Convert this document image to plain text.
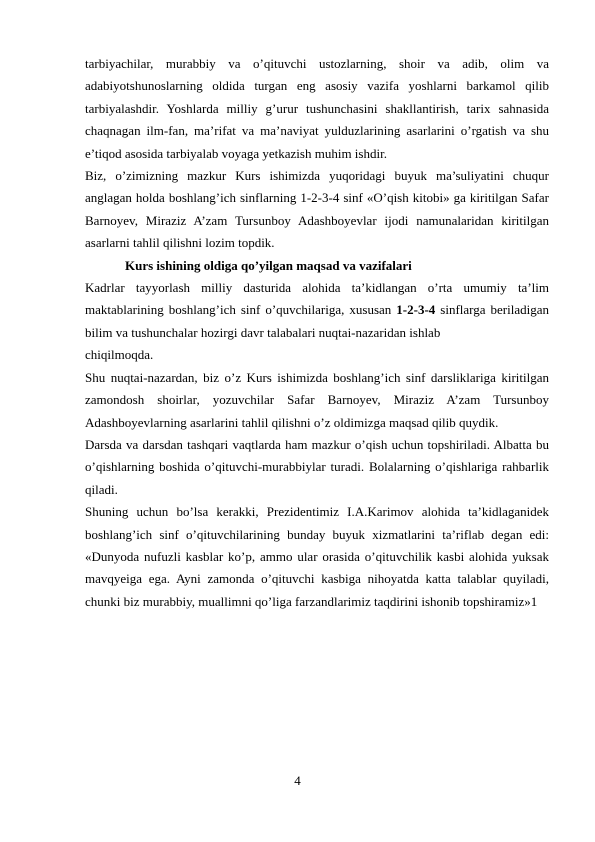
tarbiyachilar, murabbiy va o’qituvchi ustozlarning, shoir va adib, olim va adabiyotshunoslarning oldida turgan eng asosiy vazifa yoshlarni barkamol qilib tarbiyalashdir. Yoshlarda milliy g’urur tushunchasini shakllantirish, tarix sahnasida chaqnagan ilm-fan, ma’rifat va ma’naviyat yulduzlarining asarlarini o’rgatish va shu e’tiqod asosida tarbiyalab voyaga yetkazish muhim ishdir.

Biz, o’zimizning mazkur Kurs ishimizda yuqoridagi buyuk ma’suliyatini chuqur anglagan holda boshlang’ich sinflarning 1-2-3-4 sinf «O’qish kitobi» ga kiritilgan Safar Barnoyev, Miraziz A’zam Tursunboy Adashboyevlar ijodi namunalaridan kiritilgan asarlarni tahlil qilishni lozim topdik.

Kurs ishining oldiga qo’yilgan maqsad va vazifalari

Kadrlar tayyorlash milliy dasturida alohida ta’kidlangan o’rta umumiy ta’lim maktablarining boshlang’ich sinf o’quvchilariga, xususan 1-2-3-4 sinflarga beriladigan bilim va tushunchalar hozirgi davr talabalari nuqtai-nazaridan ishlab

chiqilmoqda.

Shu nuqtai-nazardan, biz o’z Kurs ishimizda boshlang’ich sinf darsliklariga kiritilgan zamondosh shoirlar, yozuvchilar Safar Barnoyev, Miraziz A’zam Tursunboy Adashboyevlarning asarlarini tahlil qilishni o’z oldimizga maqsad qilib quydik.

Darsda va darsdan tashqari vaqtlarda ham mazkur o’qish uchun topshiriladi. Albatta bu o’qishlarning boshida o’qituvchi-murabbiylar turadi. Bolalarning o’qishlariga rahbarlik qiladi.

Shuning uchun bo’lsa kerakki, Prezidentimiz I.A.Karimov alohida ta’kidlaganidek boshlang’ich sinf o’qituvchilarining bunday buyuk xizmatlarini ta’riflab degan edi: «Dunyoda nufuzli kasblar ko’p, ammo ular orasida o’qituvchilik kasbi alohida yuksak mavqyeiga ega. Ayni zamonda o’qituvchi kasbiga nihoyatda katta talablar quyiladi, chunki biz murabbiy, muallimni qo’liga farzandlarimiz taqdirini ishonib topshiramiz»1

4
